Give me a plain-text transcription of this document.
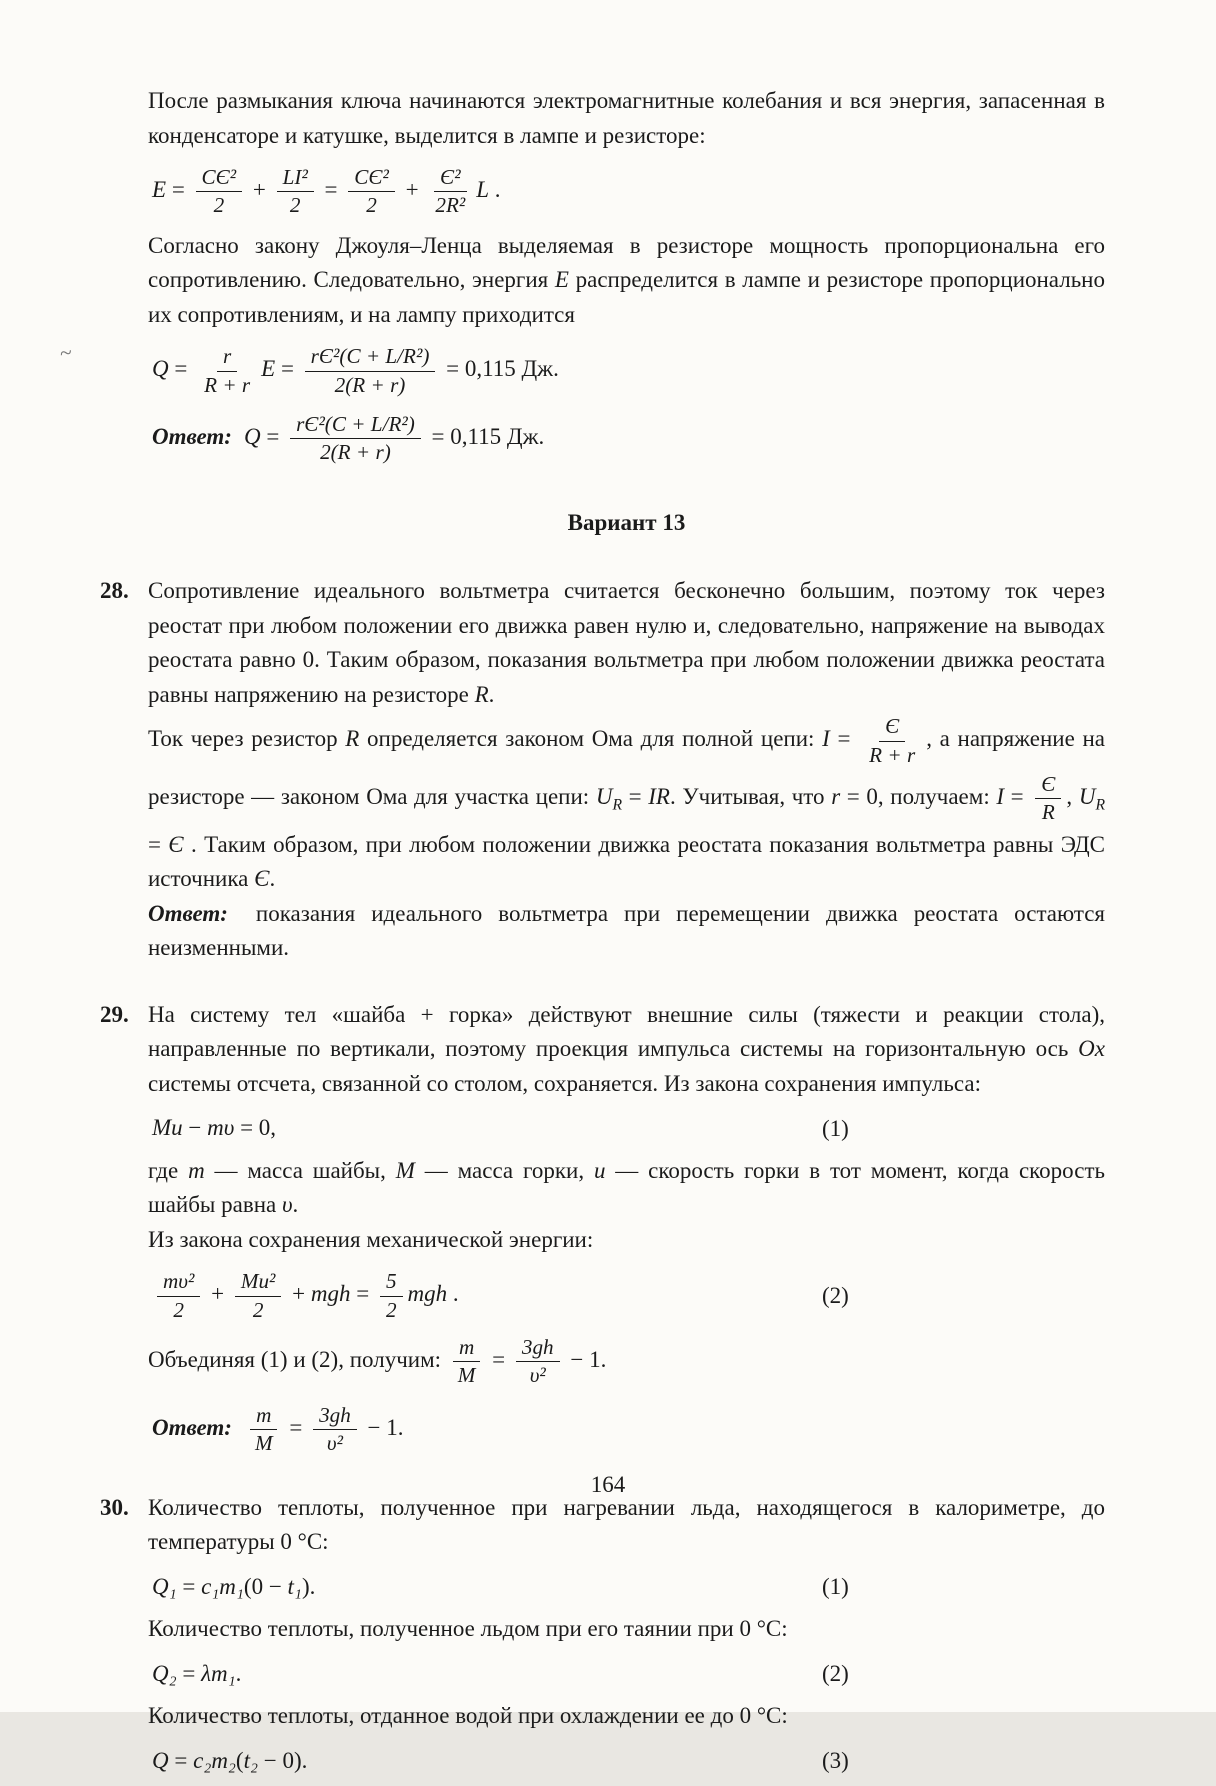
~

После размыкания ключа начинаются электромагнитные колебания и вся энергия, запасенная в конденсаторе и катушке, выделится в лампе и резисторе:

$E = \frac{\text{CЄ²}}{2} + \frac{\text{LI²}}{2} = \frac{\text{CЄ²}}{2} + \frac{\text{Є²}}{\text{2R²}}$ L .

Согласно закону Джоуля–Ленца выделяемая в резисторе мощность пропорциональна его сопротивлению. Следовательно, энергия E распределится в лампе и резисторе пропорционально их сопротивлениям, и на лампу приходится

$Q = \frac{r}{R + r}$ $E = \frac{\text{rЄ²(C + L/R²)}}{2(R + r)} = 0,115$ Дж.
Ответ: $Q = \frac{\text{rЄ²(C + L/R²)}}{2(R + r)} = 0,115$ Дж.
Вариант 13
28. Сопротивление идеального вольтметра считается бесконечно большим, поэтому ток через реостат при любом положении его движка равен нулю и, следовательно, напряжение на выводах реостата равно 0. Таким образом, показания вольтметра при любом положении движка реостата равны напряжению на резисторе R.

Ток через резистор R определяется законом Ома для полной цепи: $I = \frac{Є}{R + r}$ , а напряжение на резисторе — законом Ома для участка цепи: $U_R$ = IR. Учитывая, что r = 0, получаем: $I = \frac{Є}{R}$ , $U_R = Є$ . Таким образом, при любом положении движка реостата показания вольтметра равны ЭДС источника Є.

Ответ: показания идеального вольтметра при перемещении движка реостата остаются неизменными.

29. На систему тел «шайба + горка» действуют внешние силы (тяжести и реакции стола), направленные по вертикали, поэтому проекция импульса системы на горизонтальную ось Ox системы отсчета, связанной со столом, сохраняется. Из закона сохранения импульса:

Mu − mυ = 0,	(1)

где m — масса шайбы, M — масса горки, u — скорость горки в тот момент, когда скорость шайбы равна υ.

Из закона сохранения механической энергии:

$\frac{\text{mυ²}}{2} + \frac{\text{Mu²}}{2}$ + mgh = $\frac{5}{2}$ mgh .	(2)

Объединяя (1) и (2), получим: $\frac{m}{M} = \frac{3gh}{\text{υ²}} - 1$.

Ответ: $\frac{m}{M} = \frac{3gh}{\text{υ²}} - 1$.
30. Количество теплоты, полученное при нагревании льда, находящегося в калориметре, до температуры 0 °C:

Q₁ = c₁m₁(0 − t₁).	(1)

Количество теплоты, полученное льдом при его таянии при 0 °C:

Q₂ = λm₁.	(2)

Количество теплоты, отданное водой при охлаждении ее до 0 °C:

Q = c₂m₂(t₂ − 0).	(3)
164
